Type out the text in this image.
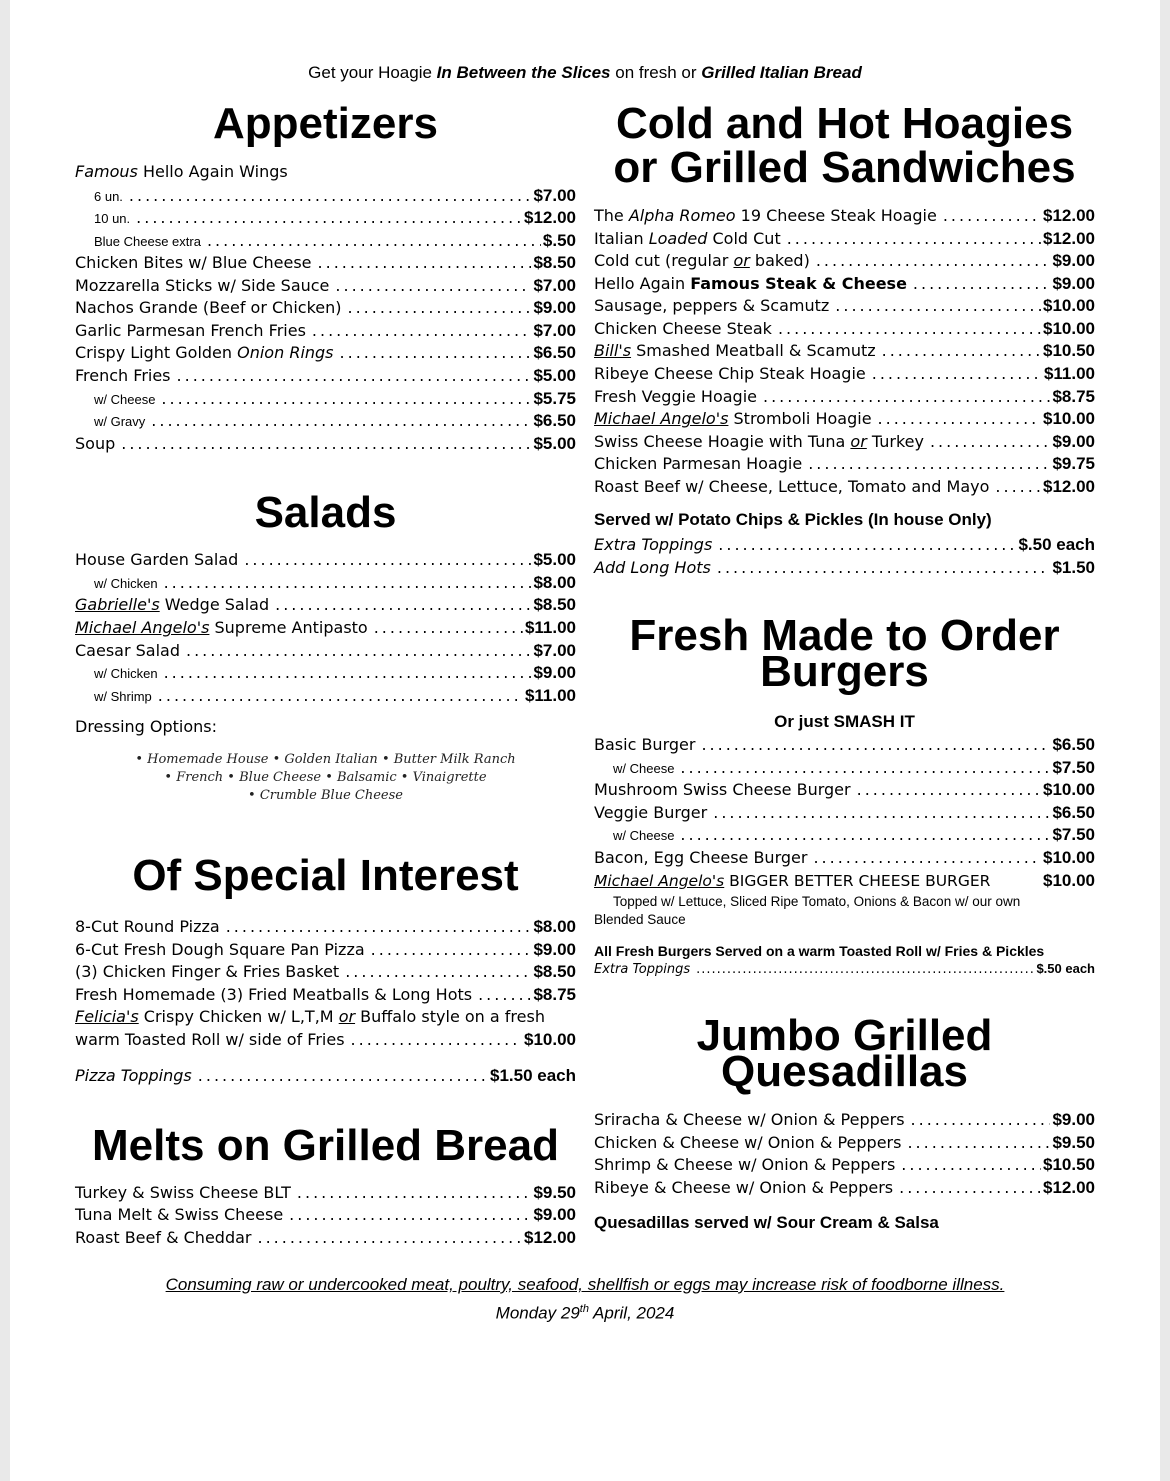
Get your Hoagie In Between the Slices on fresh or Grilled Italian Bread
Appetizers
Famous Hello Again Wings
6 un. .....	$7.00
10 un. .....	$12.00
Blue Cheese extra .....	$.50
Chicken Bites w/ Blue Cheese .....	$8.50
Mozzarella Sticks w/ Side Sauce .....	$7.00
Nachos Grande (Beef or Chicken) .....	$9.00
Garlic Parmesan French Fries .....	$7.00
Crispy Light Golden Onion Rings .....	$6.50
French Fries .....	$5.00
w/ Cheese .....	$5.75
w/ Gravy .....	$6.50
Soup .....	$5.00
Salads
House Garden Salad .....	$5.00
w/ Chicken .....	$8.00
Gabrielle's Wedge Salad .....	$8.50
Michael Angelo's Supreme Antipasto .....	$11.00
Caesar Salad .....	$7.00
w/ Chicken .....	$9.00
w/ Shrimp .....	$11.00
Dressing Options:
• Homemade House • Golden Italian • Butter Milk Ranch
• French • Blue Cheese • Balsamic • Vinaigrette
• Crumble Blue Cheese
Of Special Interest
8-Cut Round Pizza .....	$8.00
6-Cut Fresh Dough Square Pan Pizza .....	$9.00
(3) Chicken Finger & Fries Basket .....	$8.50
Fresh Homemade (3) Fried Meatballs & Long Hots .....	$8.75
Felicia's Crispy Chicken w/ L,T,M or Buffalo style on a fresh
warm Toasted Roll w/ side of Fries .....	$10.00
Pizza Toppings .....	$1.50 each
Melts on Grilled Bread
Turkey & Swiss Cheese BLT .....	$9.50
Tuna Melt & Swiss Cheese .....	$9.00
Roast Beef & Cheddar .....	$12.00
Cold and Hot Hoagies
or Grilled Sandwiches
The Alpha Romeo 19 Cheese Steak Hoagie .....	$12.00
Italian Loaded Cold Cut .....	$12.00
Cold cut (regular or baked) .....	$9.00
Hello Again Famous Steak & Cheese .....	$9.00
Sausage, peppers & Scamutz .....	$10.00
Chicken Cheese Steak .....	$10.00
Bill's Smashed Meatball & Scamutz .....	$10.50
Ribeye Cheese Chip Steak Hoagie .....	$11.00
Fresh Veggie Hoagie .....	$8.75
Michael Angelo's Stromboli Hoagie .....	$10.00
Swiss Cheese Hoagie with Tuna or Turkey .....	$9.00
Chicken Parmesan Hoagie .....	$9.75
Roast Beef w/ Cheese, Lettuce, Tomato and Mayo .....	$12.00
Served w/ Potato Chips & Pickles (In house Only)
Extra Toppings .....	$.50 each
Add Long Hots .....	$1.50
Fresh Made to Order
Burgers
Or just SMASH IT
Basic Burger .....	$6.50
w/ Cheese .....	$7.50
Mushroom Swiss Cheese Burger .....	$10.00
Veggie Burger .....	$6.50
w/ Cheese .....	$7.50
Bacon, Egg Cheese Burger .....	$10.00
Michael Angelo's BIGGER BETTER CHEESE BURGER	$10.00
Topped w/ Lettuce, Sliced Ripe Tomato, Onions & Bacon w/ our own
Blended Sauce
All Fresh Burgers Served on a warm Toasted Roll w/ Fries & Pickles
Extra Toppings .....	$.50 each
Jumbo Grilled
Quesadillas
Sriracha & Cheese w/ Onion & Peppers .....	$9.00
Chicken & Cheese w/ Onion & Peppers .....	$9.50
Shrimp & Cheese w/ Onion & Peppers .....	$10.50
Ribeye & Cheese w/ Onion & Peppers .....	$12.00
Quesadillas served w/ Sour Cream & Salsa
Consuming raw or undercooked meat, poultry, seafood, shellfish or eggs may increase risk of foodborne illness.
Monday 29th April, 2024
